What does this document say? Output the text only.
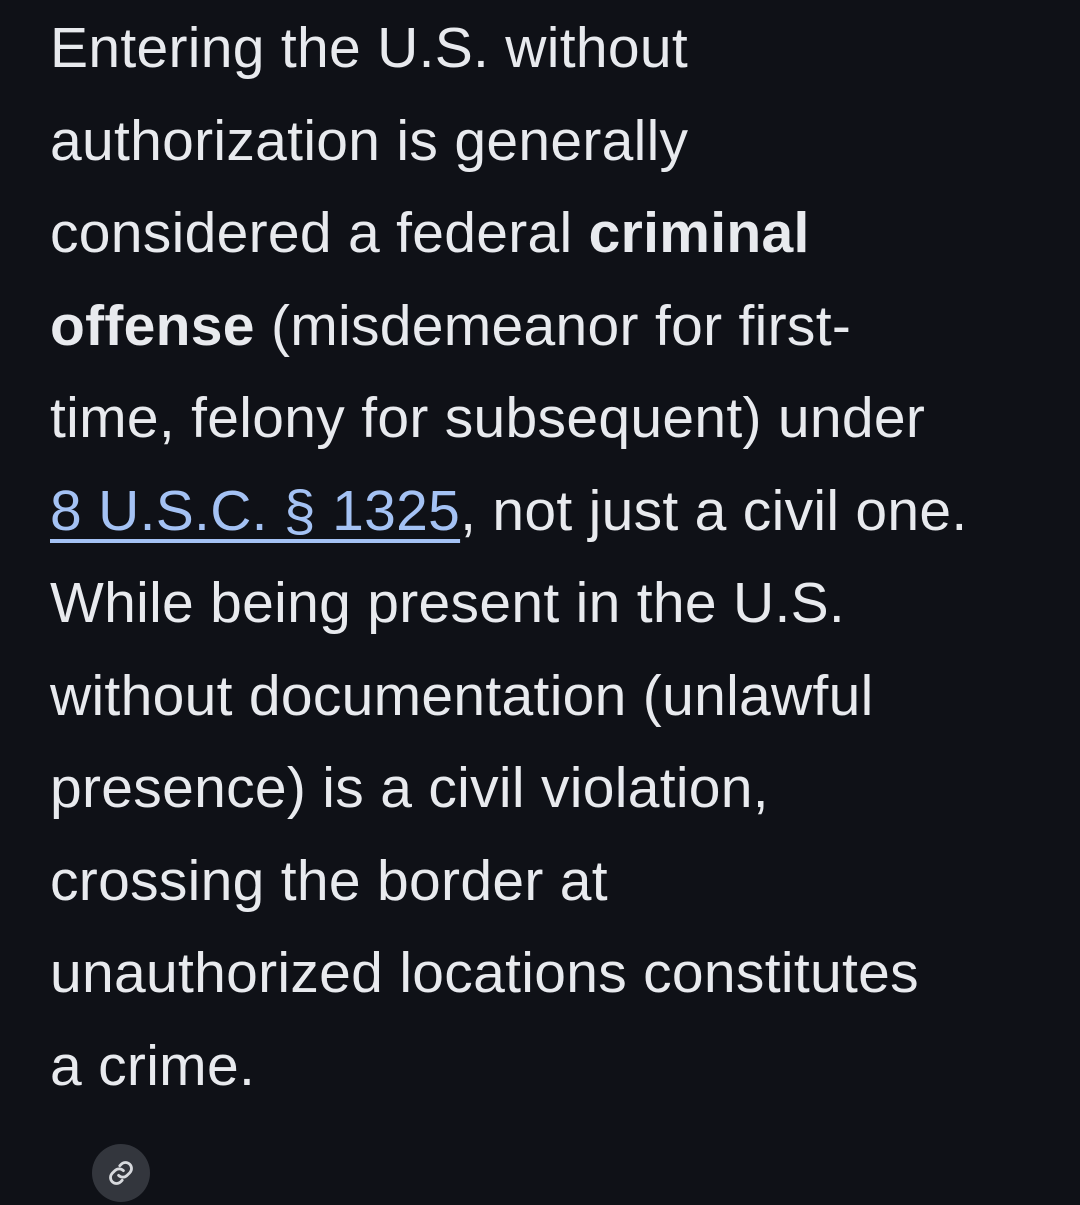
Entering the U.S. without
authorization is generally
considered a federal criminal
offense (misdemeanor for first-
time, felony for subsequent) under
8 U.S.C. § 1325, not just a civil one.
While being present in the U.S.
without documentation (unlawful
presence) is a civil violation,
crossing the border at
unauthorized locations constitutes
a crime.
